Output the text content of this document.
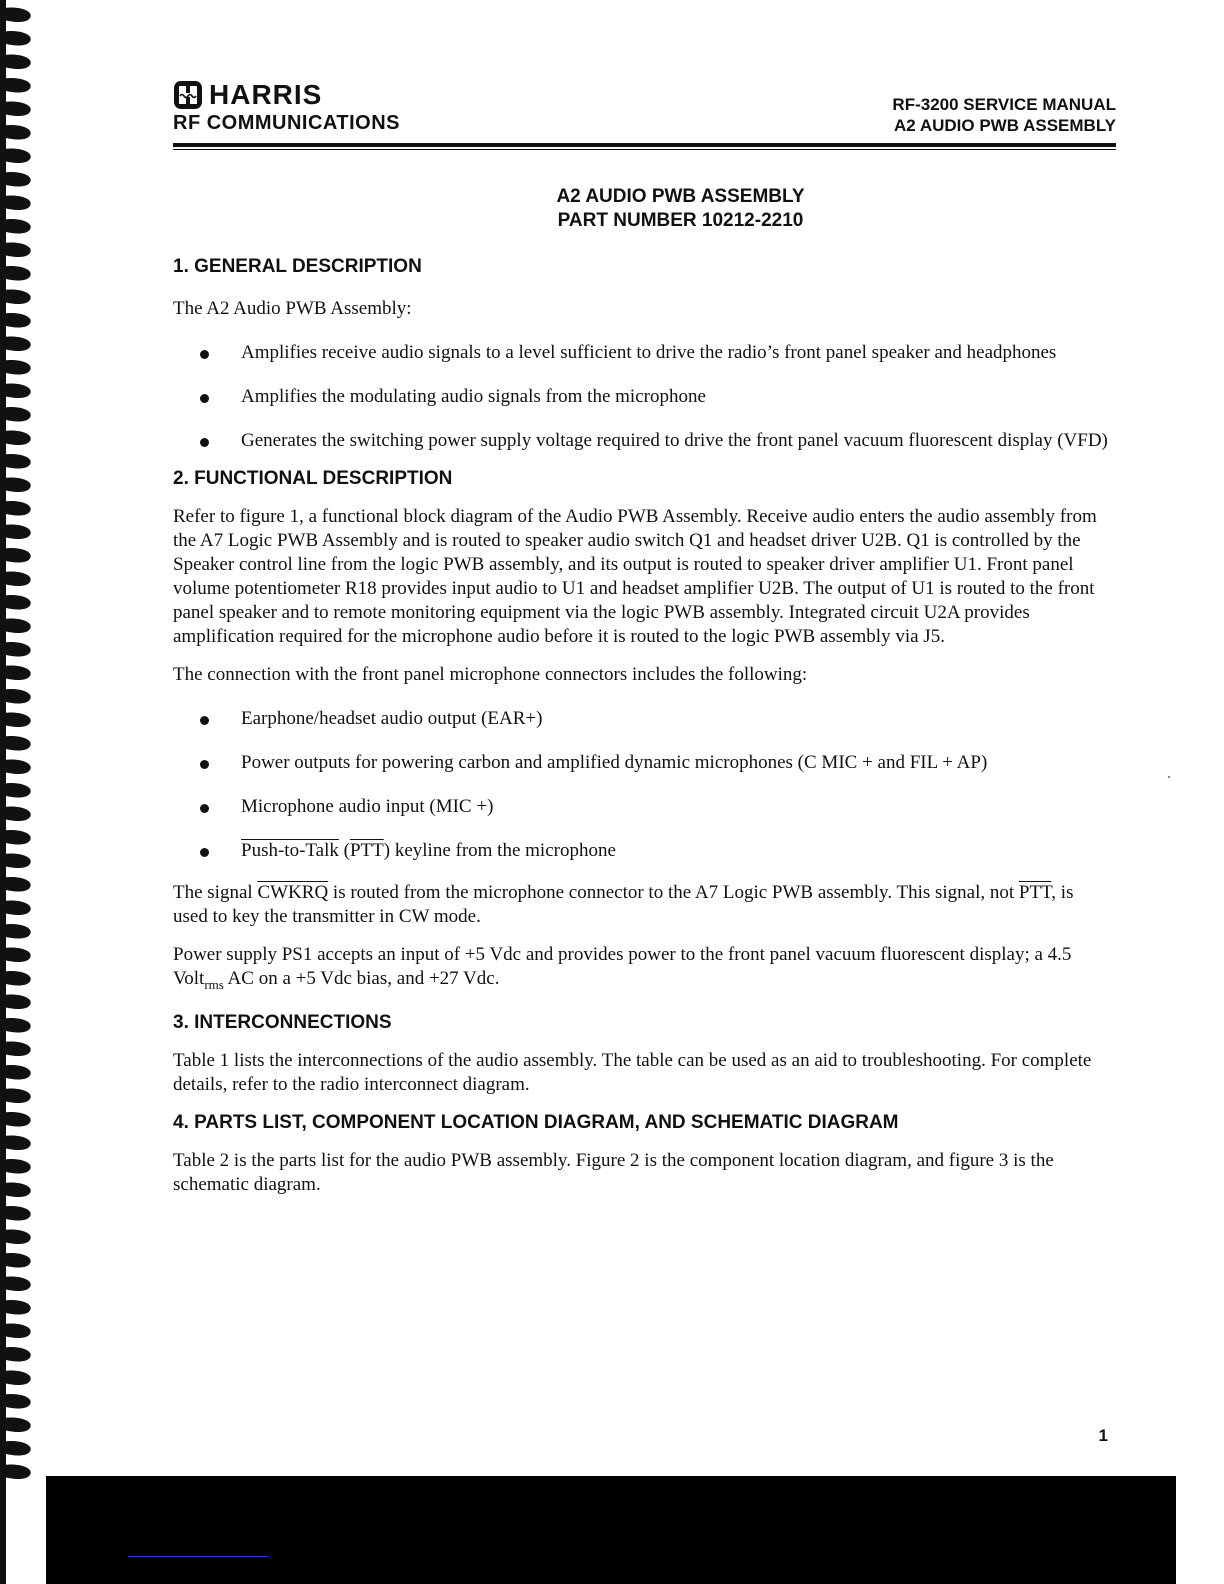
HARRIS
RF COMMUNICATIONS
RF-3200 SERVICE MANUAL
A2 AUDIO PWB ASSEMBLY
A2 AUDIO PWB ASSEMBLY
PART NUMBER 10212-2210
1. GENERAL DESCRIPTION

The A2 Audio PWB Assembly:

Amplifies receive audio signals to a level sufficient to drive the radio’s front panel speaker and headphones
Amplifies the modulating audio signals from the microphone
Generates the switching power supply voltage required to drive the front panel vacuum fluorescent display (VFD)
2. FUNCTIONAL DESCRIPTION

Refer to figure 1, a functional block diagram of the Audio PWB Assembly. Receive audio enters the audio assembly from the A7 Logic PWB Assembly and is routed to speaker audio switch Q1 and headset driver U2B. Q1 is controlled by the Speaker control line from the logic PWB assembly, and its output is routed to speaker driver amplifier U1. Front panel volume potentiometer R18 provides input audio to U1 and headset amplifier U2B. The output of U1 is routed to the front panel speaker and to remote monitoring equipment via the logic PWB assembly. Integrated circuit U2A provides amplification required for the microphone audio before it is routed to the logic PWB assembly via J5.

The connection with the front panel microphone connectors includes the following:

Earphone/headset audio output (EAR+)
Power outputs for powering carbon and amplified dynamic microphones (C MIC + and FIL + AP)
Microphone audio input (MIC +)
Push-to-Talk $(\overline{PTT})$ keyline from the microphone

The signal CWKRQ is routed from the microphone connector to the A7 Logic PWB assembly. This signal, not $\overline{PTT}$, is used to key the transmitter in CW mode.

Power supply PS1 accepts an input of +5 Vdc and provides power to the front panel vacuum fluorescent display; a 4.5 Volt$_{rms}$ AC on a +5 Vdc bias, and +27 Vdc.

3. INTERCONNECTIONS

Table 1 lists the interconnections of the audio assembly. The table can be used as an aid to troubleshooting. For complete details, refer to the radio interconnect diagram.

4. PARTS LIST, COMPONENT LOCATION DIAGRAM, AND SCHEMATIC DIAGRAM

Table 2 is the parts list for the audio PWB assembly. Figure 2 is the component location diagram, and figure 3 is the schematic diagram.

1
